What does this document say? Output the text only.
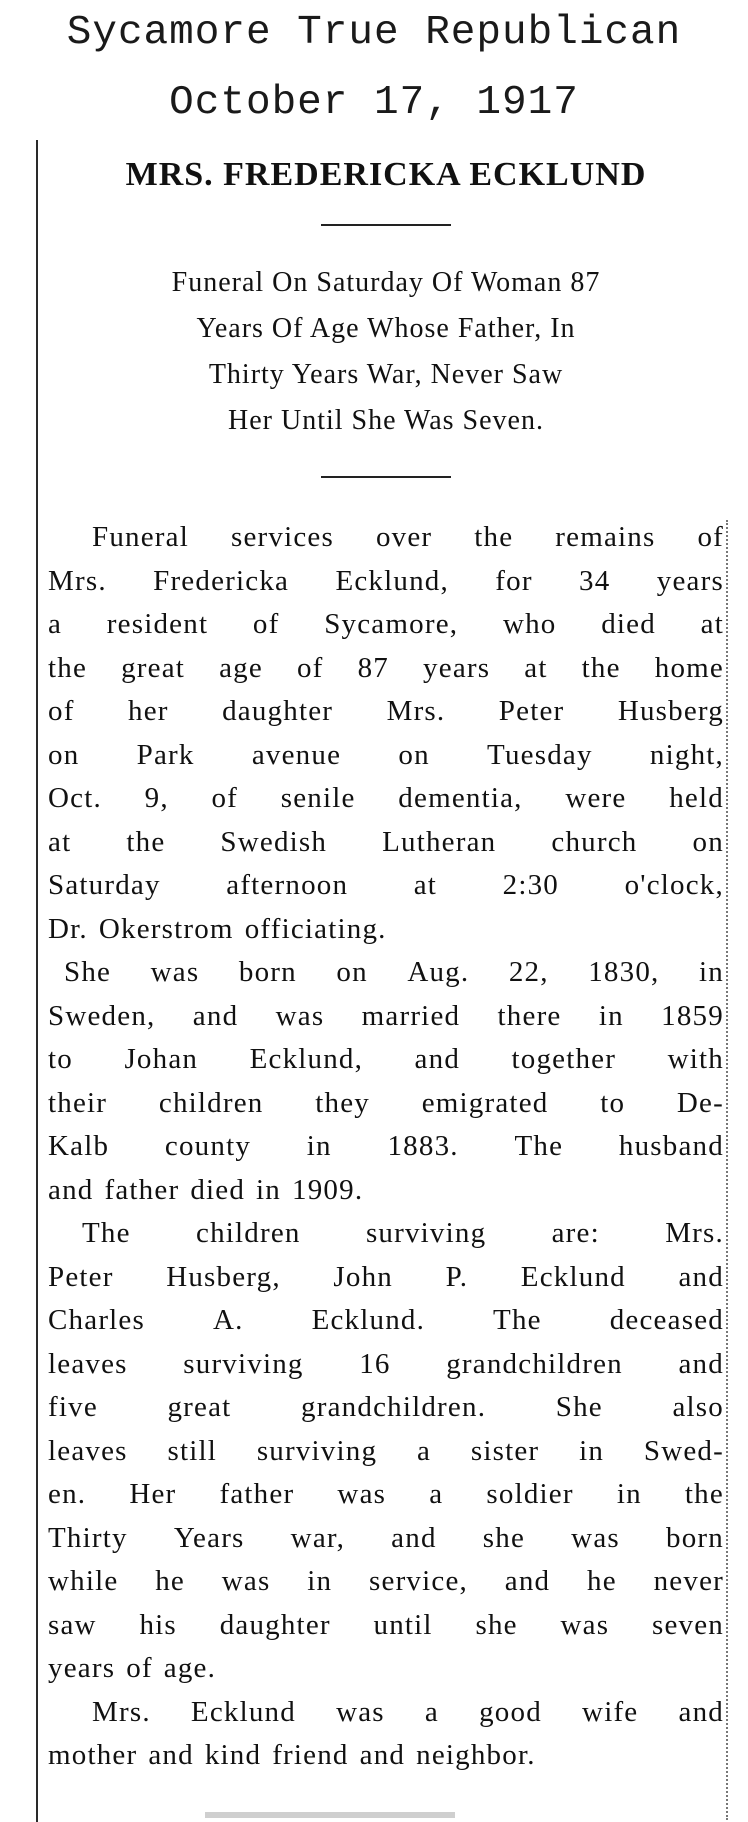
Sycamore True Republican
October 17, 1917
MRS. FREDERICKA ECKLUND
Funeral On Saturday Of Woman 87
Years Of Age Whose Father, In
Thirty Years War, Never Saw
Her Until She Was Seven.
Funeral services over the remains of
Mrs. Fredericka Ecklund, for 34 years
a resident of Sycamore, who died at
the great age of 87 years at the home
of her daughter Mrs. Peter Husberg
on Park avenue on Tuesday night,
Oct. 9, of senile dementia, were held
at the Swedish Lutheran church on
Saturday afternoon at 2:30 o'clock,
Dr. Okerstrom officiating.
She was born on Aug. 22, 1830, in
Sweden, and was married there in 1859
to Johan Ecklund, and together with
their children they emigrated to De-
Kalb county in 1883. The husband
and father died in 1909.
The children surviving are: Mrs.
Peter Husberg, John P. Ecklund and
Charles A. Ecklund. The deceased
leaves surviving 16 grandchildren and
five great grandchildren. She also
leaves still surviving a sister in Swed-
en. Her father was a soldier in the
Thirty Years war, and she was born
while he was in service, and he never
saw his daughter until she was seven
years of age.
Mrs. Ecklund was a good wife and
mother and kind friend and neighbor.
